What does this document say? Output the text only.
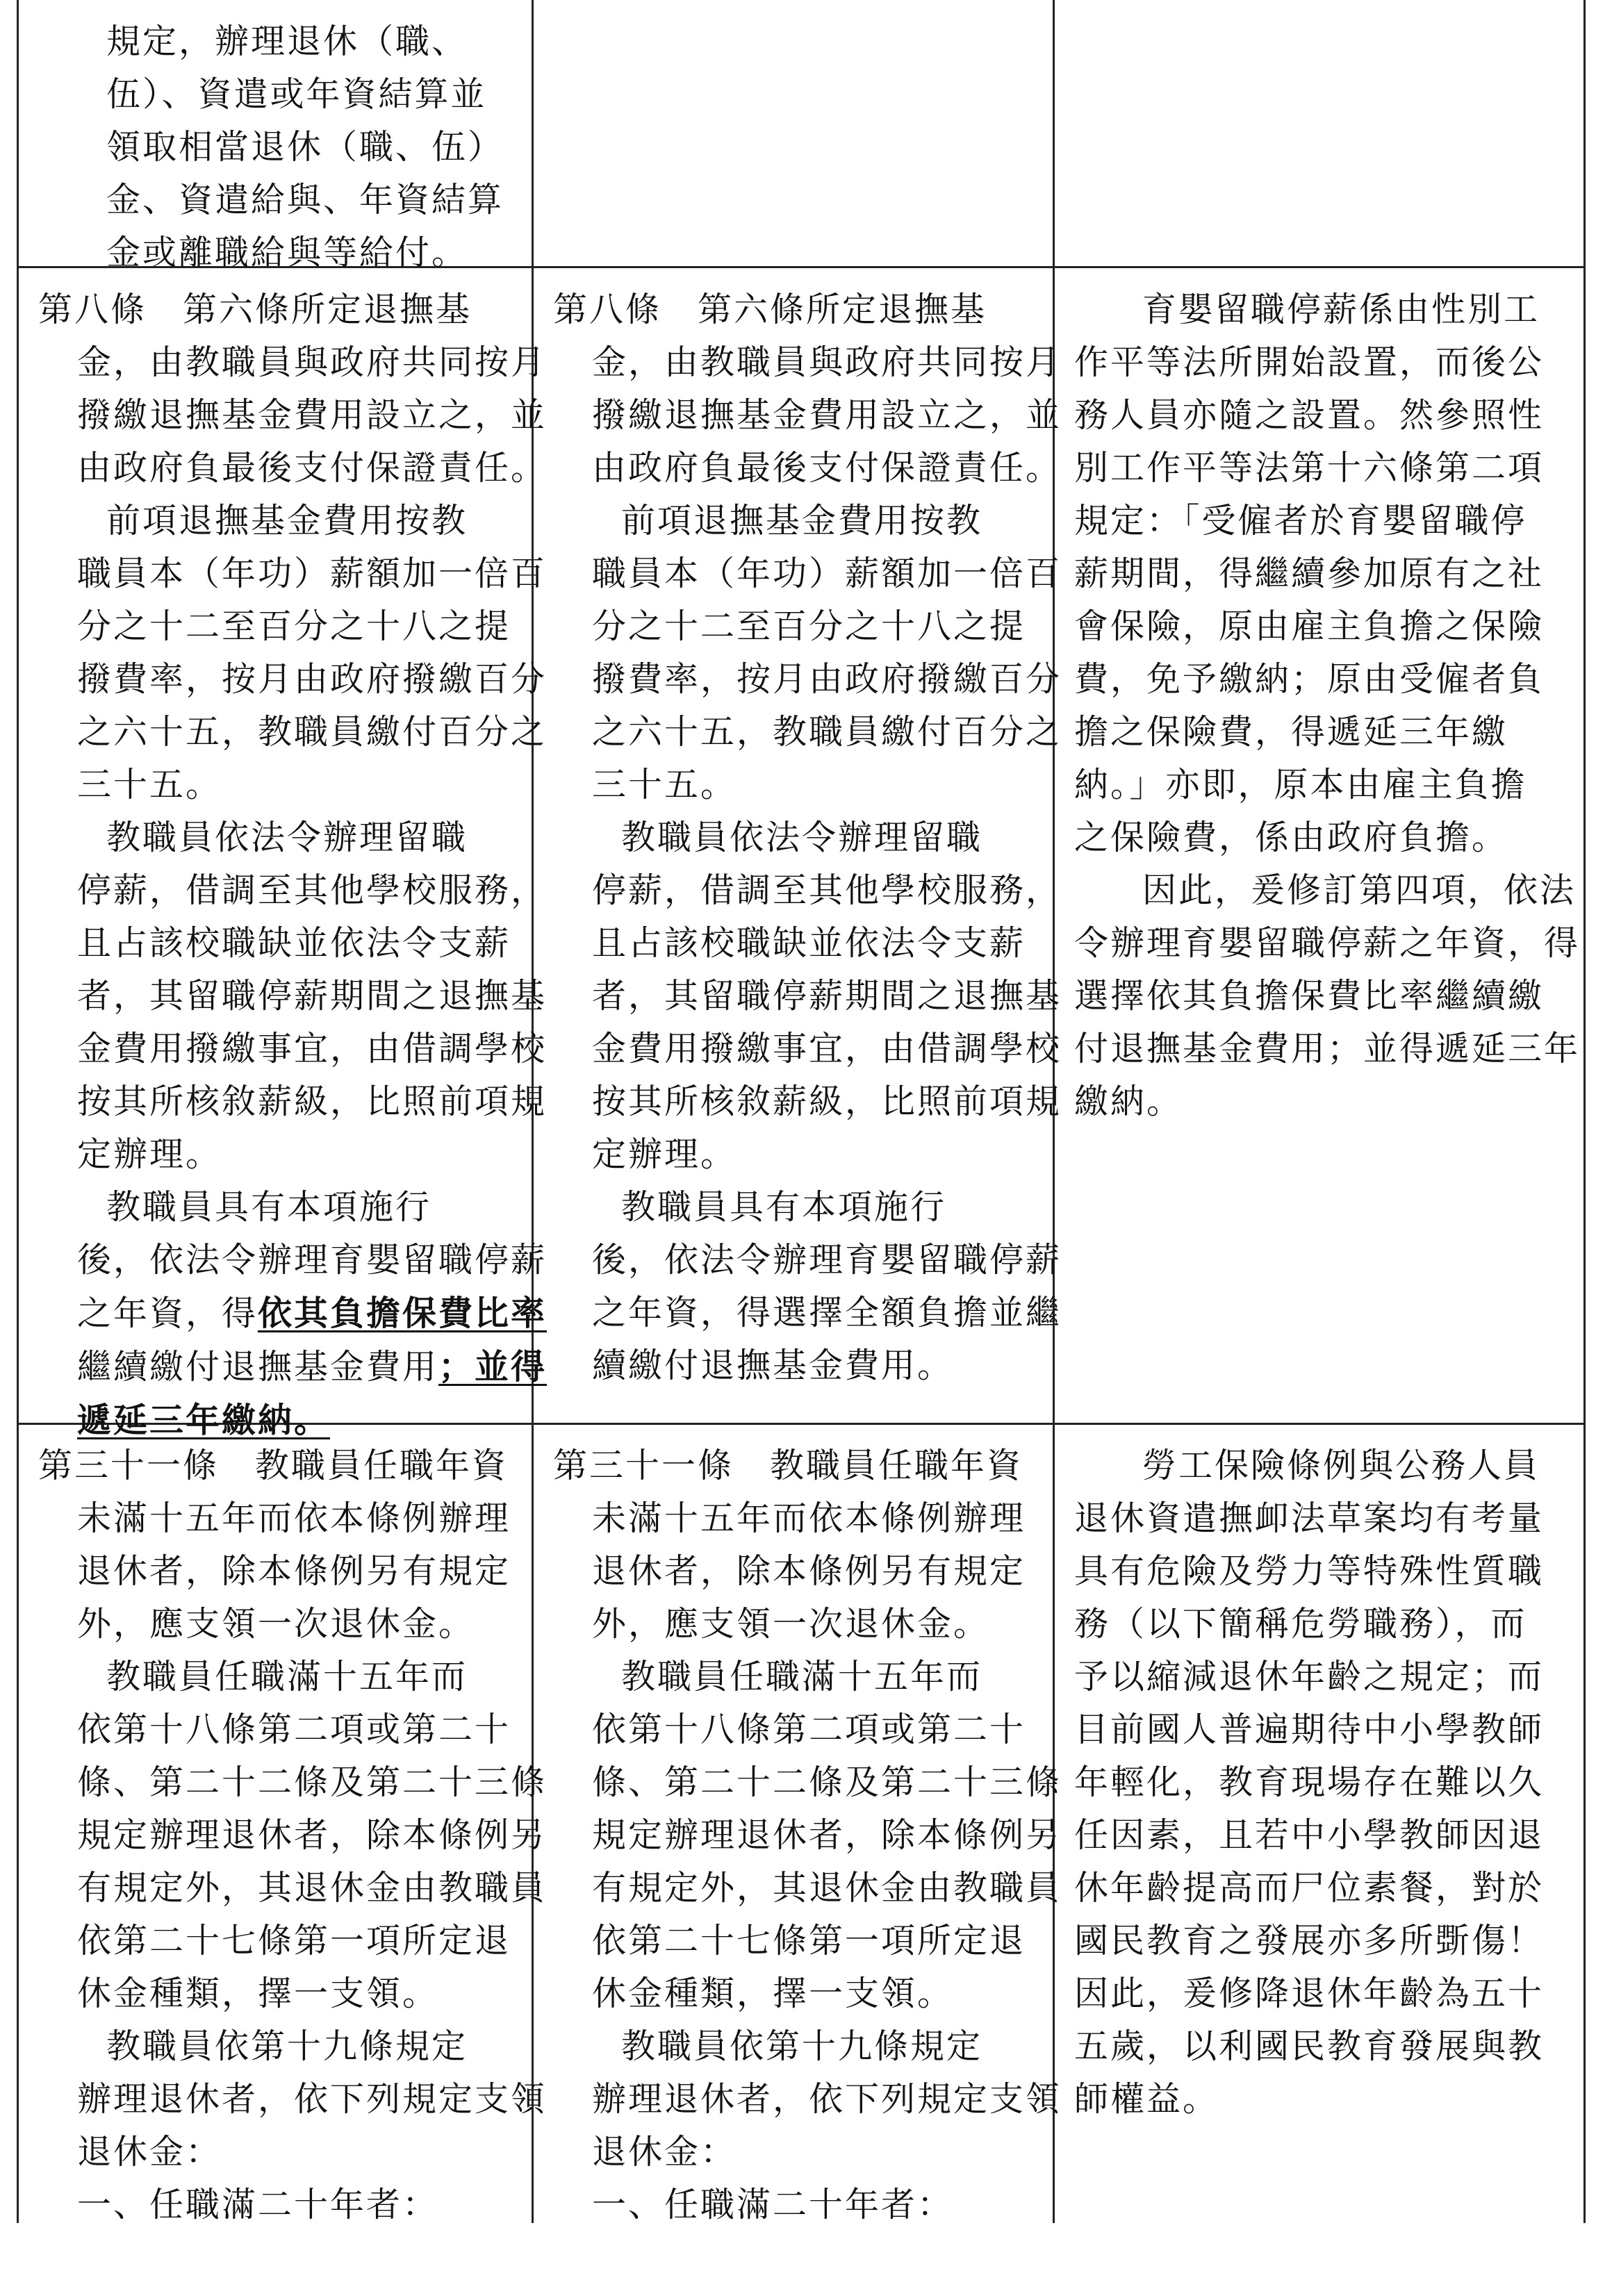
規定，辦理退休（職、

伍）、資遣或年資結算並

領取相當退休（職、伍）

金、資遣給與、年資結算

金或離職給與等給付。

第八條　第六條所定退撫基

金，由教職員與政府共同按月

撥繳退撫基金費用設立之，並

由政府負最後支付保證責任。

前項退撫基金費用按教

職員本（年功）薪額加一倍百

分之十二至百分之十八之提

撥費率，按月由政府撥繳百分

之六十五，教職員繳付百分之

三十五。

教職員依法令辦理留職

停薪，借調至其他學校服務，

且占該校職缺並依法令支薪

者，其留職停薪期間之退撫基

金費用撥繳事宜，由借調學校

按其所核敘薪級，比照前項規

定辦理。

教職員具有本項施行

後，依法令辦理育嬰留職停薪

之年資，得依其負擔保費比率

繼續繳付退撫基金費用；並得

遞延三年繳納。

第八條　第六條所定退撫基

金，由教職員與政府共同按月

撥繳退撫基金費用設立之，並

由政府負最後支付保證責任。

前項退撫基金費用按教

職員本（年功）薪額加一倍百

分之十二至百分之十八之提

撥費率，按月由政府撥繳百分

之六十五，教職員繳付百分之

三十五。

教職員依法令辦理留職

停薪，借調至其他學校服務，

且占該校職缺並依法令支薪

者，其留職停薪期間之退撫基

金費用撥繳事宜，由借調學校

按其所核敘薪級，比照前項規

定辦理。

教職員具有本項施行

後，依法令辦理育嬰留職停薪

之年資，得選擇全額負擔並繼

續繳付退撫基金費用。

育嬰留職停薪係由性別工

作平等法所開始設置，而後公

務人員亦隨之設置。然參照性

別工作平等法第十六條第二項

規定：「受僱者於育嬰留職停

薪期間，得繼續參加原有之社

會保險，原由雇主負擔之保險

費，免予繳納；原由受僱者負

擔之保險費，得遞延三年繳

納。」亦即，原本由雇主負擔

之保險費，係由政府負擔。

因此，爰修訂第四項，依法

令辦理育嬰留職停薪之年資，得

選擇依其負擔保費比率繼續繳

付退撫基金費用；並得遞延三年

繳納。

第三十一條　教職員任職年資

未滿十五年而依本條例辦理

退休者，除本條例另有規定

外，應支領一次退休金。

教職員任職滿十五年而

依第十八條第二項或第二十

條、第二十二條及第二十三條

規定辦理退休者，除本條例另

有規定外，其退休金由教職員

依第二十七條第一項所定退

休金種類，擇一支領。

教職員依第十九條規定

辦理退休者，依下列規定支領

退休金：

一、任職滿二十年者：

第三十一條　教職員任職年資

未滿十五年而依本條例辦理

退休者，除本條例另有規定

外，應支領一次退休金。

教職員任職滿十五年而

依第十八條第二項或第二十

條、第二十二條及第二十三條

規定辦理退休者，除本條例另

有規定外，其退休金由教職員

依第二十七條第一項所定退

休金種類，擇一支領。

教職員依第十九條規定

辦理退休者，依下列規定支領

退休金：

一、任職滿二十年者：

勞工保險條例與公務人員

退休資遣撫卹法草案均有考量

具有危險及勞力等特殊性質職

務（以下簡稱危勞職務），而

予以縮減退休年齡之規定；而

目前國人普遍期待中小學教師

年輕化，教育現場存在難以久

任因素，且若中小學教師因退

休年齡提高而尸位素餐，對於

國民教育之發展亦多所斲傷！

因此，爰修降退休年齡為五十

五歲，以利國民教育發展與教

師權益。
